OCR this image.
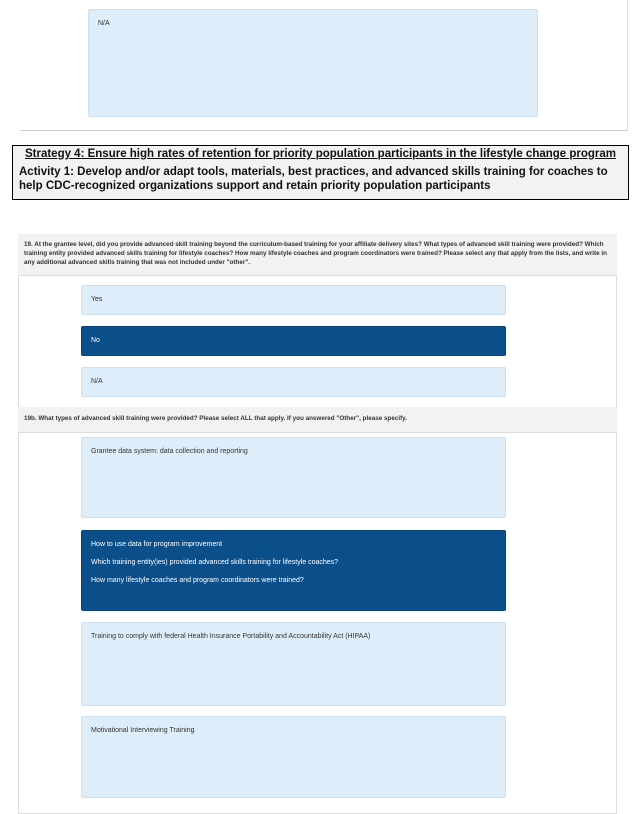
N/A
Strategy 4: Ensure high rates of retention for priority population participants in the lifestyle change program
Activity 1: Develop and/or adapt tools, materials, best practices, and advanced skills training for coaches to help CDC-recognized organizations support and retain priority population participants
19. At the grantee level, did you provide advanced skill training beyond the curriculum-based training for your affiliate delivery sites? What types of advanced skill training were provided? Which training entity provided advanced skills training for lifestyle coaches? How many lifestyle coaches and program coordinators were trained? Please select any that apply from the lists, and write in any additional advanced skills training that was not included under "other".
Yes
No
N/A
19b. What types of advanced skill training were provided? Please select ALL that apply. If you answered "Other", please specify.
Grantee data system: data collection and reporting
How to use data for program improvement
Which training entity(ies) provided advanced skills training for lifestyle coaches?
How many lifestyle coaches and program coordinators were trained?
Training to comply with federal Health Insurance Portability and Accountability Act (HIPAA)
Motivational Interviewing Training
